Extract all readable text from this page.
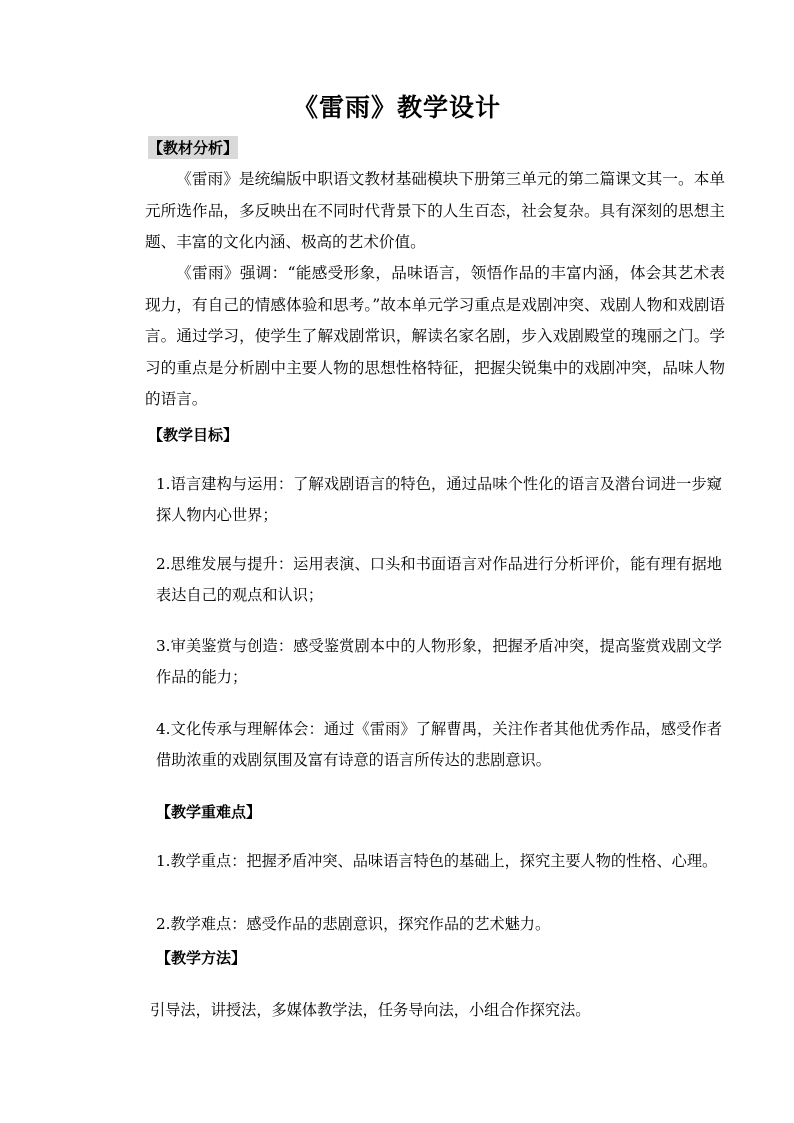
《雷雨》教学设计
【教材分析】

《雷雨》是统编版中职语文教材基础模块下册第三单元的第二篇课文其一。本单元所选作品，多反映出在不同时代背景下的人生百态，社会复杂。具有深刻的思想主题、丰富的文化内涵、极高的艺术价值。

《雷雨》强调：“能感受形象，品味语言，领悟作品的丰富内涵，体会其艺术表现力，有自己的情感体验和思考。”故本单元学习重点是戏剧冲突、戏剧人物和戏剧语言。通过学习，使学生了解戏剧常识，解读名家名剧，步入戏剧殿堂的瑰丽之门。学习的重点是分析剧中主要人物的思想性格特征，把握尖锐集中的戏剧冲突，品味人物的语言。

【教学目标】

1.语言建构与运用：了解戏剧语言的特色，通过品味个性化的语言及潜台词进一步窥探人物内心世界；

2.思维发展与提升：运用表演、口头和书面语言对作品进行分析评价，能有理有据地表达自己的观点和认识；

3.审美鉴赏与创造：感受鉴赏剧本中的人物形象，把握矛盾冲突，提高鉴赏戏剧文学作品的能力；

4.文化传承与理解体会：通过《雷雨》了解曹禺，关注作者其他优秀作品，感受作者借助浓重的戏剧氛围及富有诗意的语言所传达的悲剧意识。

【教学重难点】

1.教学重点：把握矛盾冲突、品味语言特色的基础上，探究主要人物的性格、心理。

2.教学难点：感受作品的悲剧意识，探究作品的艺术魅力。

【教学方法】

引导法，讲授法，多媒体教学法，任务导向法，小组合作探究法。
